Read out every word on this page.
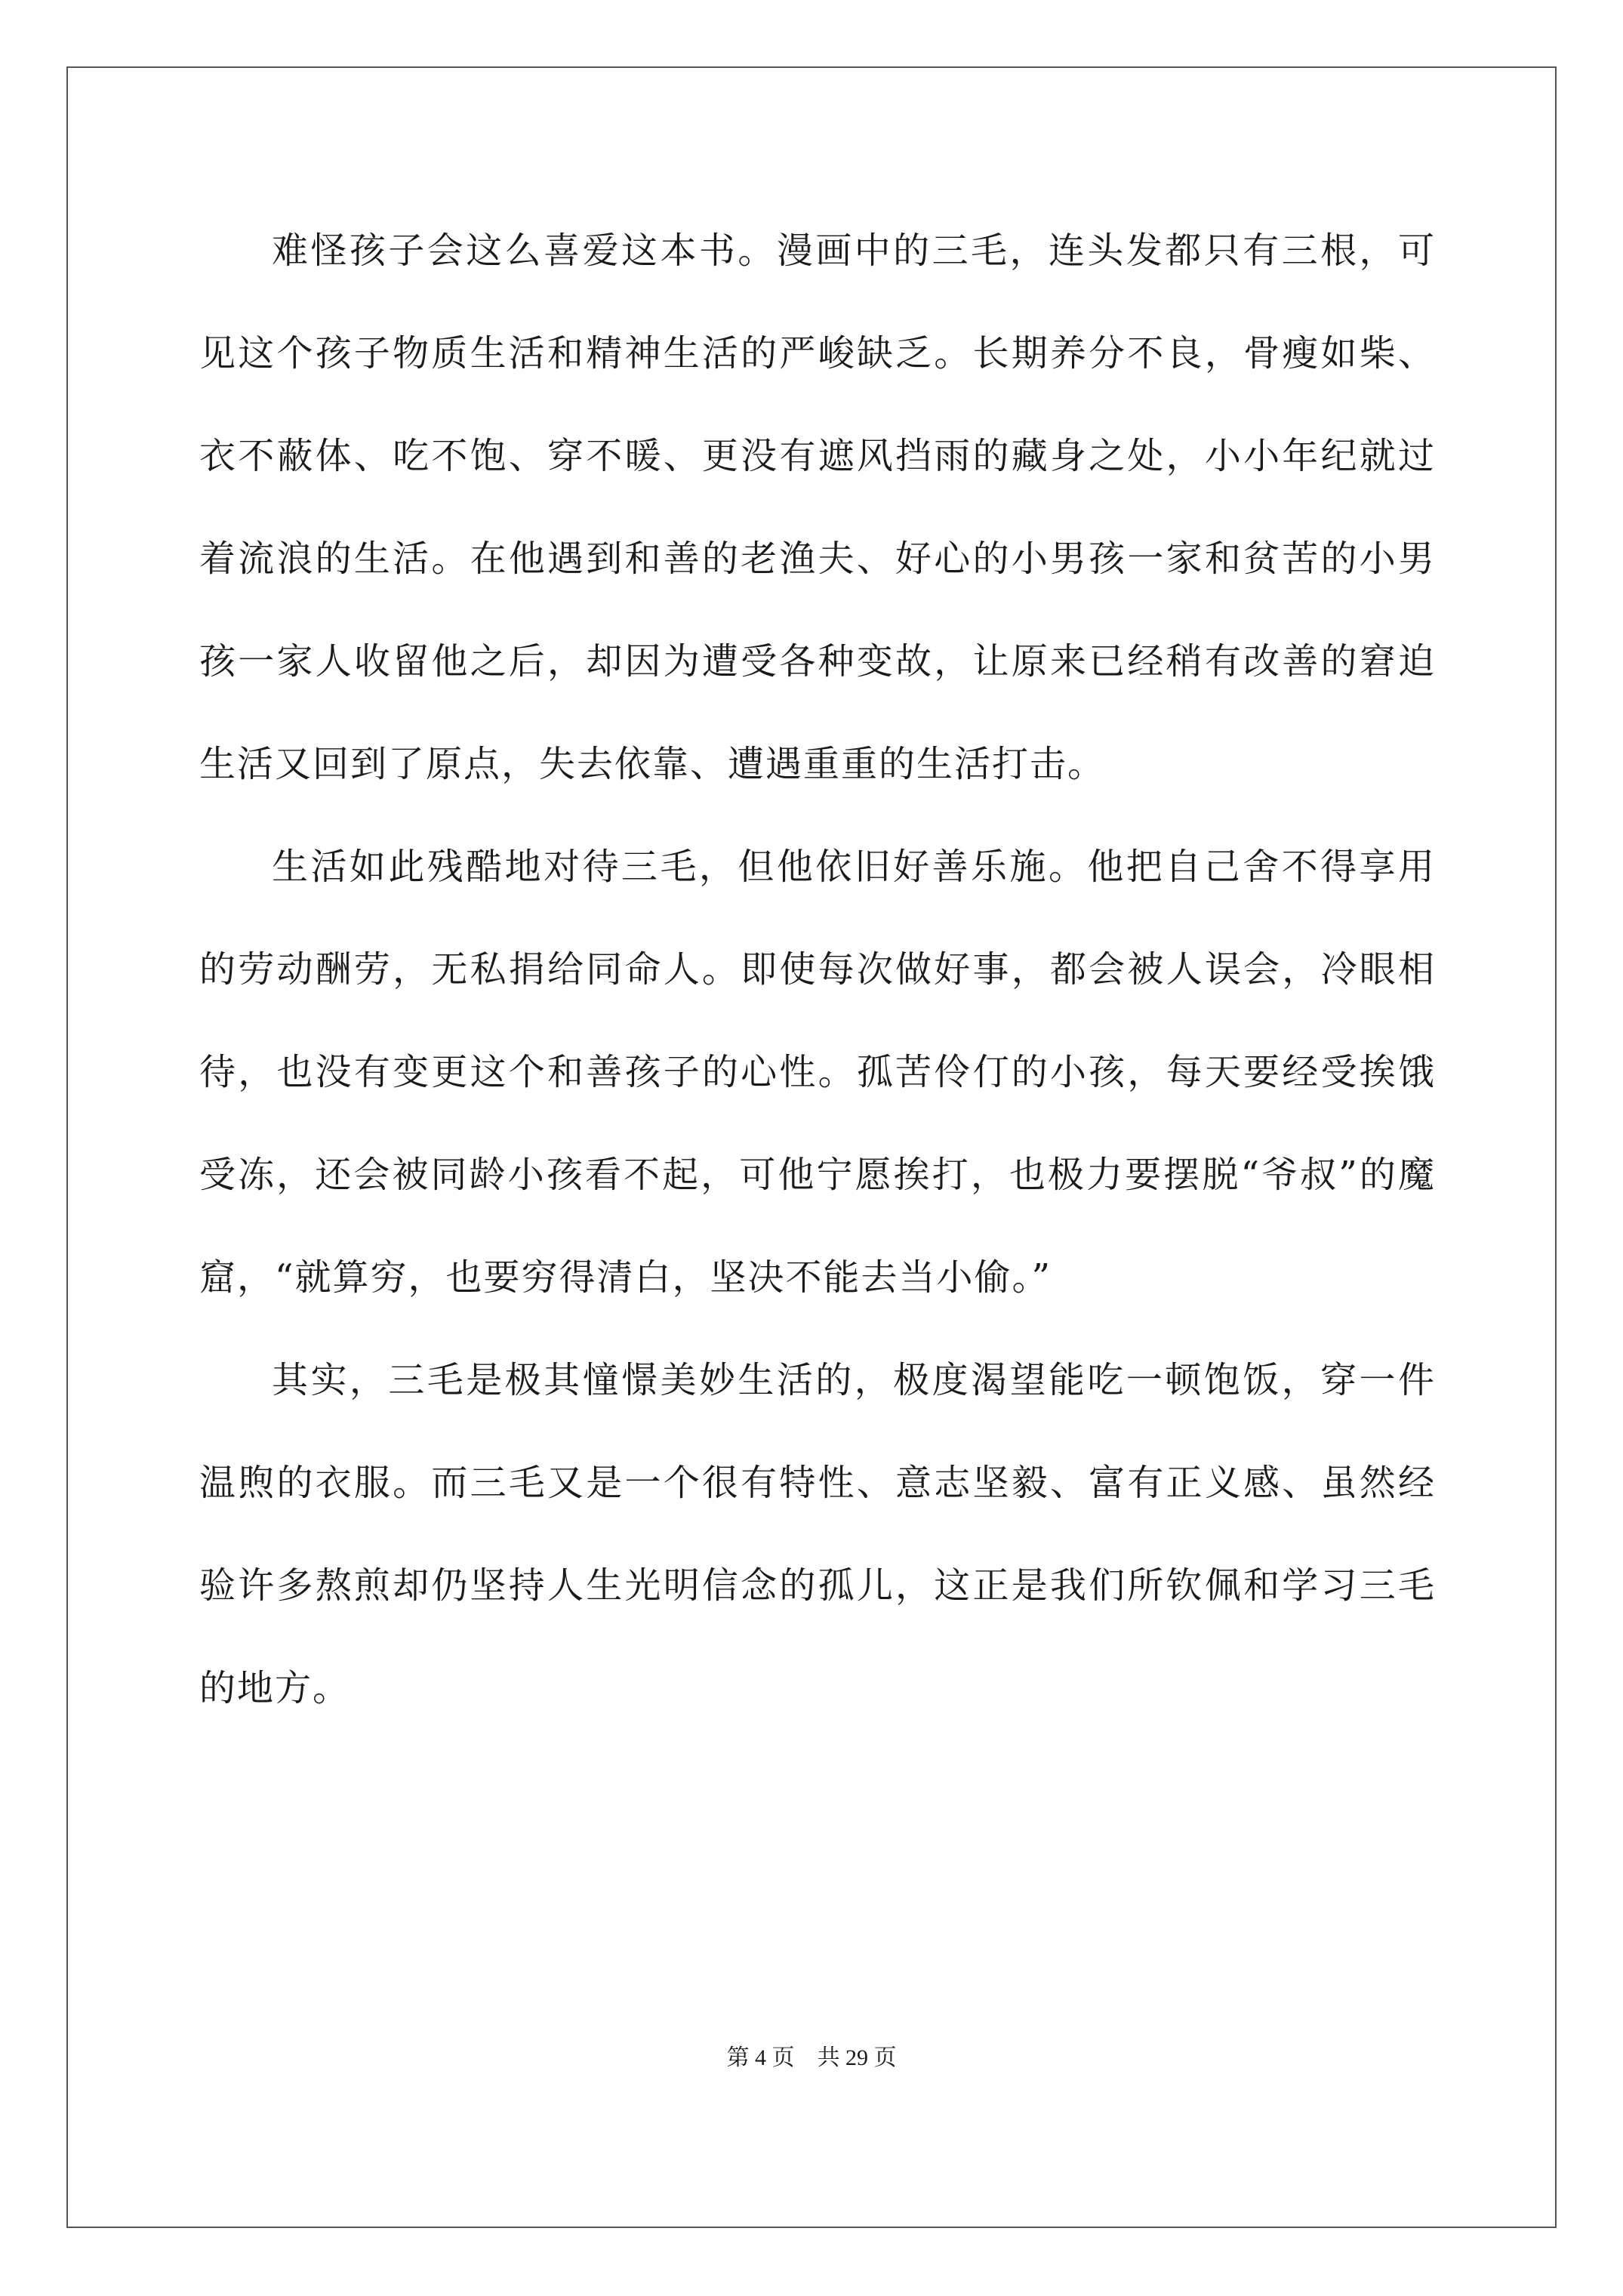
难怪孩子会这么喜爱这本书。漫画中的三毛，连头发都只有三根，可见这个孩子物质生活和精神生活的严峻缺乏。长期养分不良，骨瘦如柴、衣不蔽体、吃不饱、穿不暖、更没有遮风挡雨的藏身之处，小小年纪就过着流浪的生活。在他遇到和善的老渔夫、好心的小男孩一家和贫苦的小男孩一家人收留他之后，却因为遭受各种变故，让原来已经稍有改善的窘迫生活又回到了原点，失去依靠、遭遇重重的生活打击。

生活如此残酷地对待三毛，但他依旧好善乐施。他把自己舍不得享用的劳动酬劳，无私捐给同命人。即使每次做好事，都会被人误会，冷眼相待，也没有变更这个和善孩子的心性。孤苦伶仃的小孩，每天要经受挨饿受冻，还会被同龄小孩看不起，可他宁愿挨打，也极力要摆脱“爷叔”的魔窟，“就算穷，也要穷得清白，坚决不能去当小偷。”

其实，三毛是极其憧憬美妙生活的，极度渴望能吃一顿饱饭，穿一件温煦的衣服。而三毛又是一个很有特性、意志坚毅、富有正义感、虽然经验许多熬煎却仍坚持人生光明信念的孤儿，这正是我们所钦佩和学习三毛的地方。

第 4 页 共 29 页
